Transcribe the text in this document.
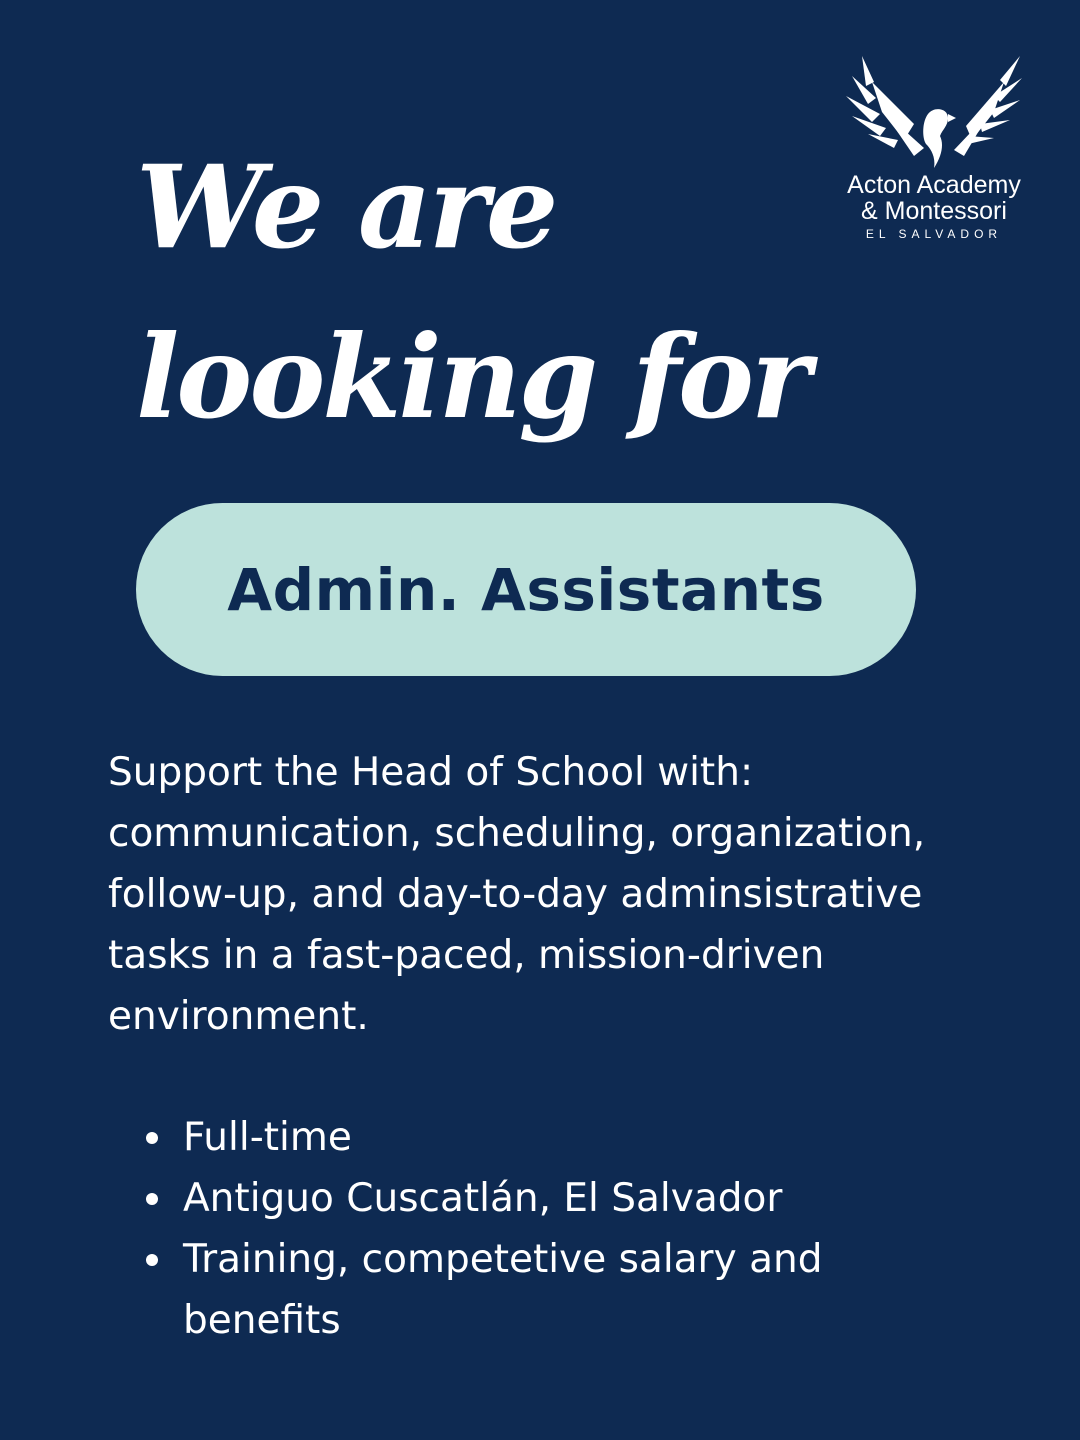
We are
looking for
Acton Academy
& Montessori
EL SALVADOR
Admin. Assistants

Support the Head of School with: communication, scheduling, organization, follow-up, and day-to-day adminsistrative tasks in a fast-paced, mission-driven environment.

Full-time
Antiguo Cuscatlán, El Salvador
Training, competetive salary and benefits
